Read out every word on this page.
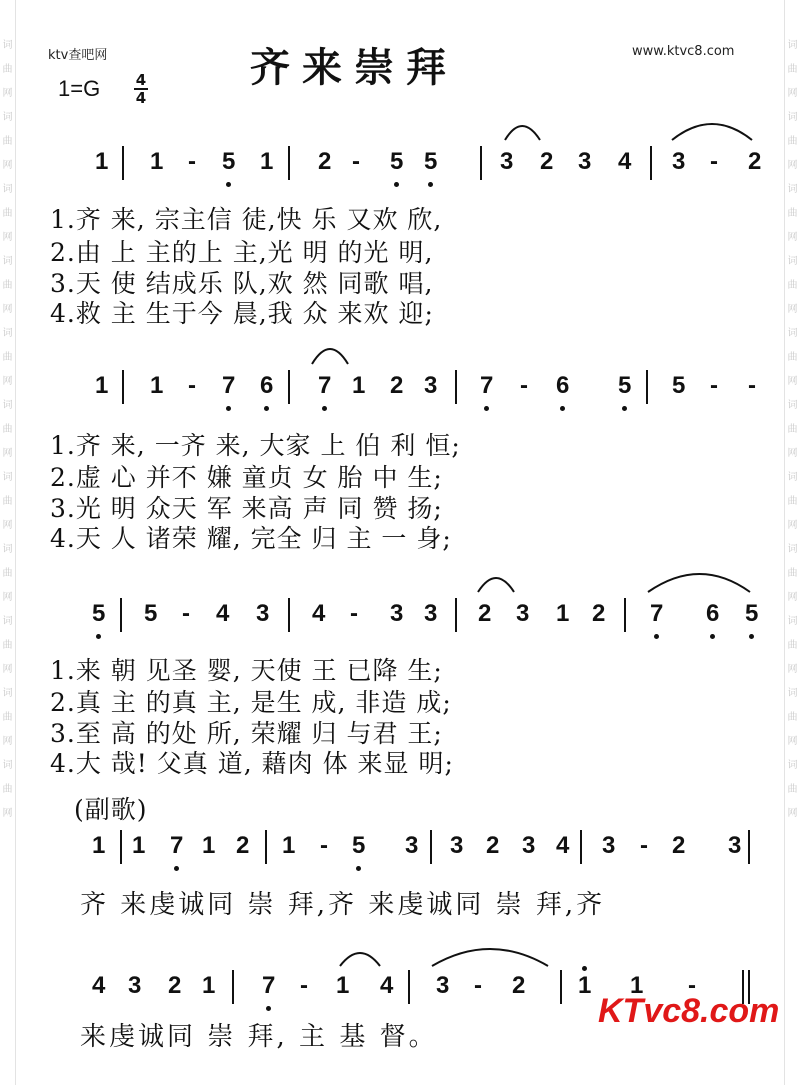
词
曲
网
词
曲
网
词
曲
网
词
曲
网
词
曲
网
词
曲
网
词
曲
网
词
曲
网
词
曲
网
词
曲
网
词
曲
网
词
曲
网
词
曲
网
词
曲
网
词
曲
网
词
曲
网
词
曲
网
词
曲
网
词
曲
网
词
曲
网
词
曲
网
词
曲
网
ktv查吧网	www.ktvc8.com
齐来崇拜
1=G 4
4
1 1 - 5 1 2 - 5 5	3 2 3 4 3 - 2
1.齐 来, 宗主信 徒,快 乐 又欢 欣,
2.由 上 主的上 主,光 明 的光 明,
3.天 使 结成乐 队,欢 然 同歌 唱,
4.救 主 生于今 晨,我 众 来欢 迎;
1 1 - 7 6 7 1 2 3 7 - 6 5 5 - -
1.齐 来, 一齐 来, 大家 上 伯 利 恒;
2.虚 心 并不 嫌 童贞 女 胎 中 生;
3.光 明 众天 军 来高 声 同 赞 扬;
4.天 人 诸荣 耀, 完全 归 主 一 身;
5 5 - 4 3 4 - 3 3 2 3 1 2 7 6 5
1.来 朝 见圣 婴, 天使 王 已降 生;
2.真 主 的真 主, 是生 成, 非造 成;
3.至 高 的处 所, 荣耀 归 与君 王;
4.大 哉! 父真 道, 藉肉 体 来显 明;
(副歌)
1 1 7 1 2 1 - 5 3 3 2 3 4 3 - 2 3
齐 来虔诚同 崇 拜,齐 来虔诚同 崇 拜,齐
4 3 2 1 7 - 1 4 3 - 2 1 1 -
来虔诚同 崇 拜, 主 基 督。
KTvc8.com
